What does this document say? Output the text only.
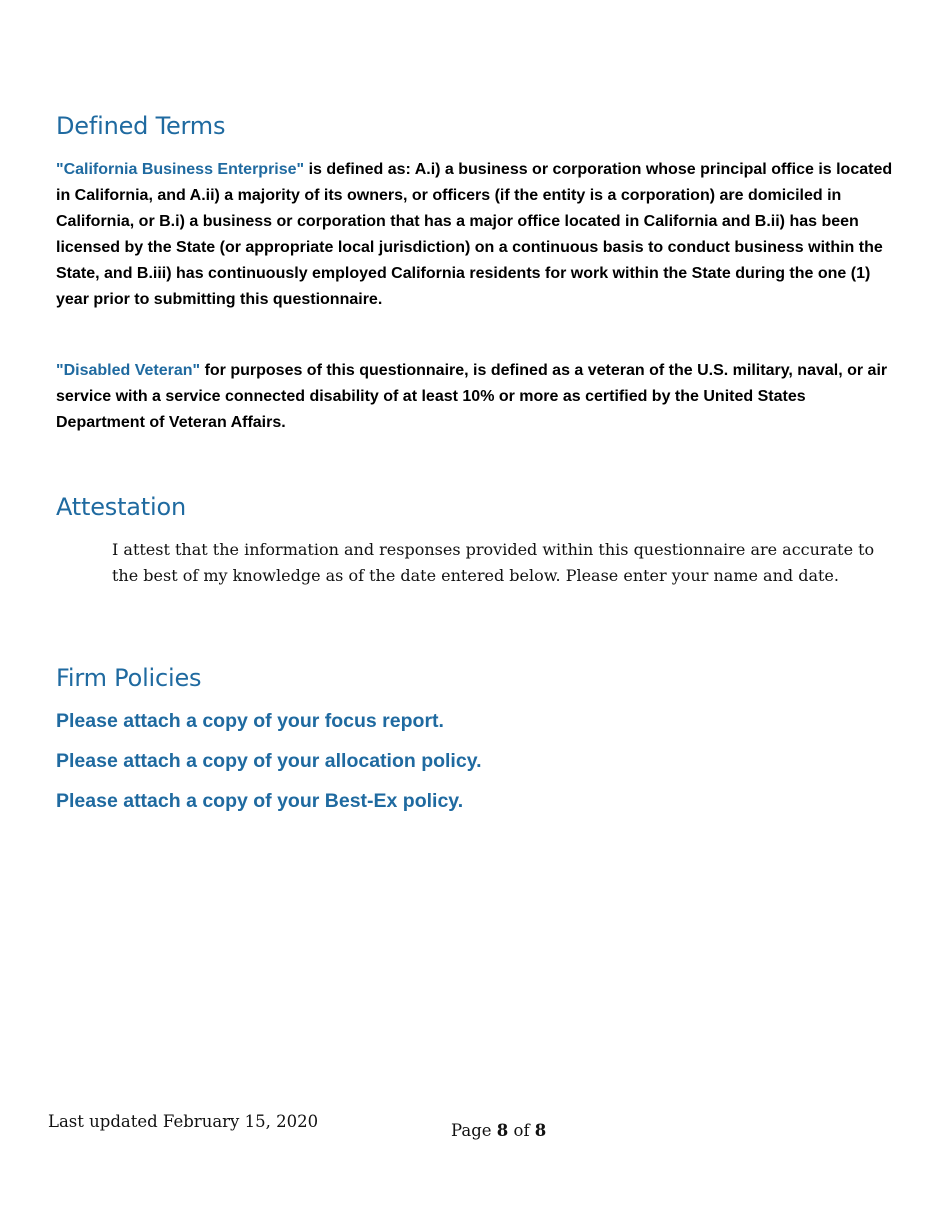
Defined Terms

"California Business Enterprise" is defined as: A.i) a business or corporation whose principal office is located in California, and A.ii) a majority of its owners, or officers (if the entity is a corporation) are domiciled in California, or B.i) a business or corporation that has a major office located in California and B.ii) has been licensed by the State (or appropriate local jurisdiction) on a continuous basis to conduct business within the State, and B.iii) has continuously employed California residents for work within the State during the one (1) year prior to submitting this questionnaire.

"Disabled Veteran" for purposes of this questionnaire, is defined as a veteran of the U.S. military, naval, or air service with a service connected disability of at least 10% or more as certified by the United States Department of Veteran Affairs.

Attestation

I attest that the information and responses provided within this questionnaire are accurate to the best of my knowledge as of the date entered below. Please enter your name and date.

Firm Policies

Please attach a copy of your focus report.

Please attach a copy of your allocation policy.

Please attach a copy of your Best-Ex policy.

Last updated February 15, 2020	Page 8 of 8
